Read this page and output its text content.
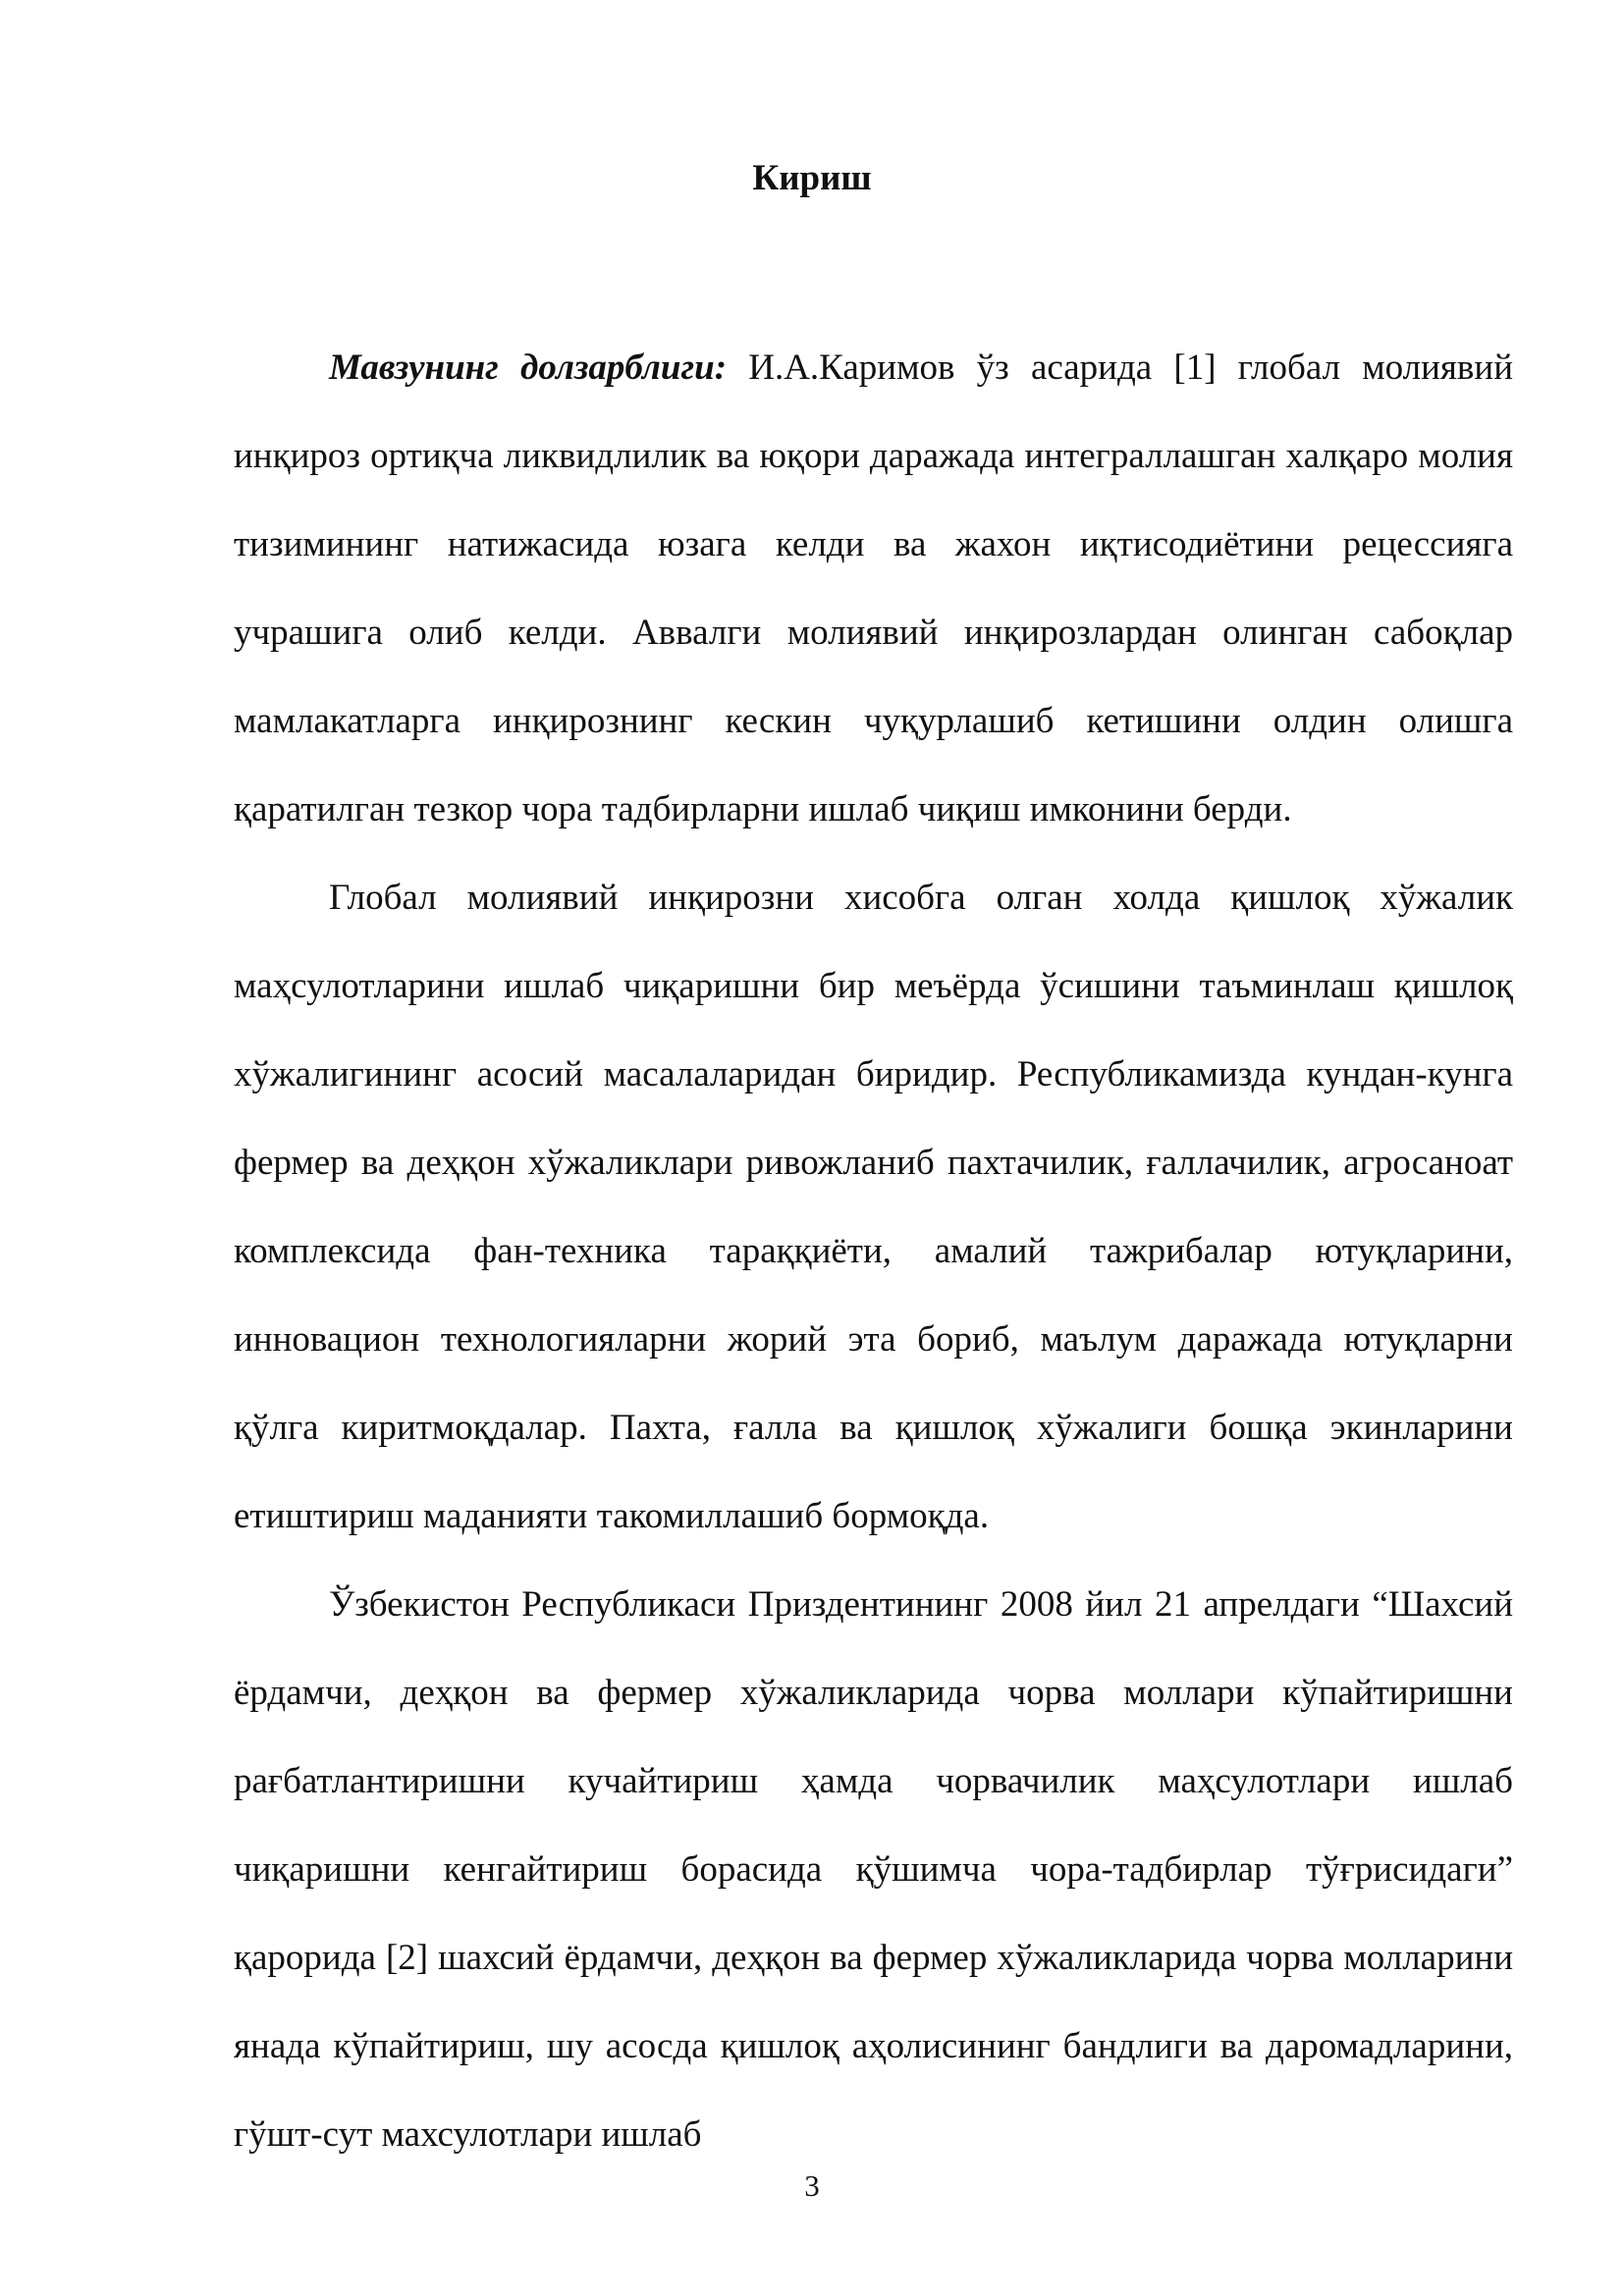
Кириш

Мавзунинг долзарблиги: И.А.Каримов ўз асарида [1] глобал молиявий инқироз ортиқча ликвидлилик ва юқори даражада интеграллашган халқаро молия тизимининг натижасида юзага келди ва жахон иқтисодиётини рецессияга учрашига олиб келди. Аввалги молиявий инқирозлардан олинган сабоқлар мамлакатларга инқирознинг кескин чуқурлашиб кетишини олдин олишга қаратилган тезкор чора тадбирларни ишлаб чиқиш имконини берди.

Глобал молиявий инқирозни хисобга олган холда қишлоқ хўжалик маҳсулотларини ишлаб чиқаришни бир меъёрда ўсишини таъминлаш қишлоқ хўжалигининг асосий масалаларидан биридир. Республикамизда кундан-кунга фермер ва деҳқон хўжаликлари ривожланиб пахтачилик, ғаллачилик, агросаноат комплексида фан-техника тараққиёти, амалий тажрибалар ютуқларини, инновацион технологияларни жорий эта бориб, маълум даражада ютуқларни қўлга киритмоқдалар. Пахта, ғалла ва қишлоқ хўжалиги бошқа экинларини етиштириш маданияти такомиллашиб бормоқда.

Ўзбекистон Республикаси Приздентининг 2008 йил 21 апрелдаги “Шахсий ёрдамчи, деҳқон ва фермер хўжаликларида чорва моллари кўпайтиришни рағбатлантиришни кучайтириш ҳамда чорвачилик маҳсулотлари ишлаб чиқаришни кенгайтириш борасида қўшимча чора-тадбирлар тўғрисидаги” қарорида [2] шахсий ёрдамчи, деҳқон ва фермер хўжаликларида чорва молларини янада кўпайтириш, шу асосда қишлоқ аҳолисининг бандлиги ва даромадларини, гўшт-сут махсулотлари ишлаб

3
